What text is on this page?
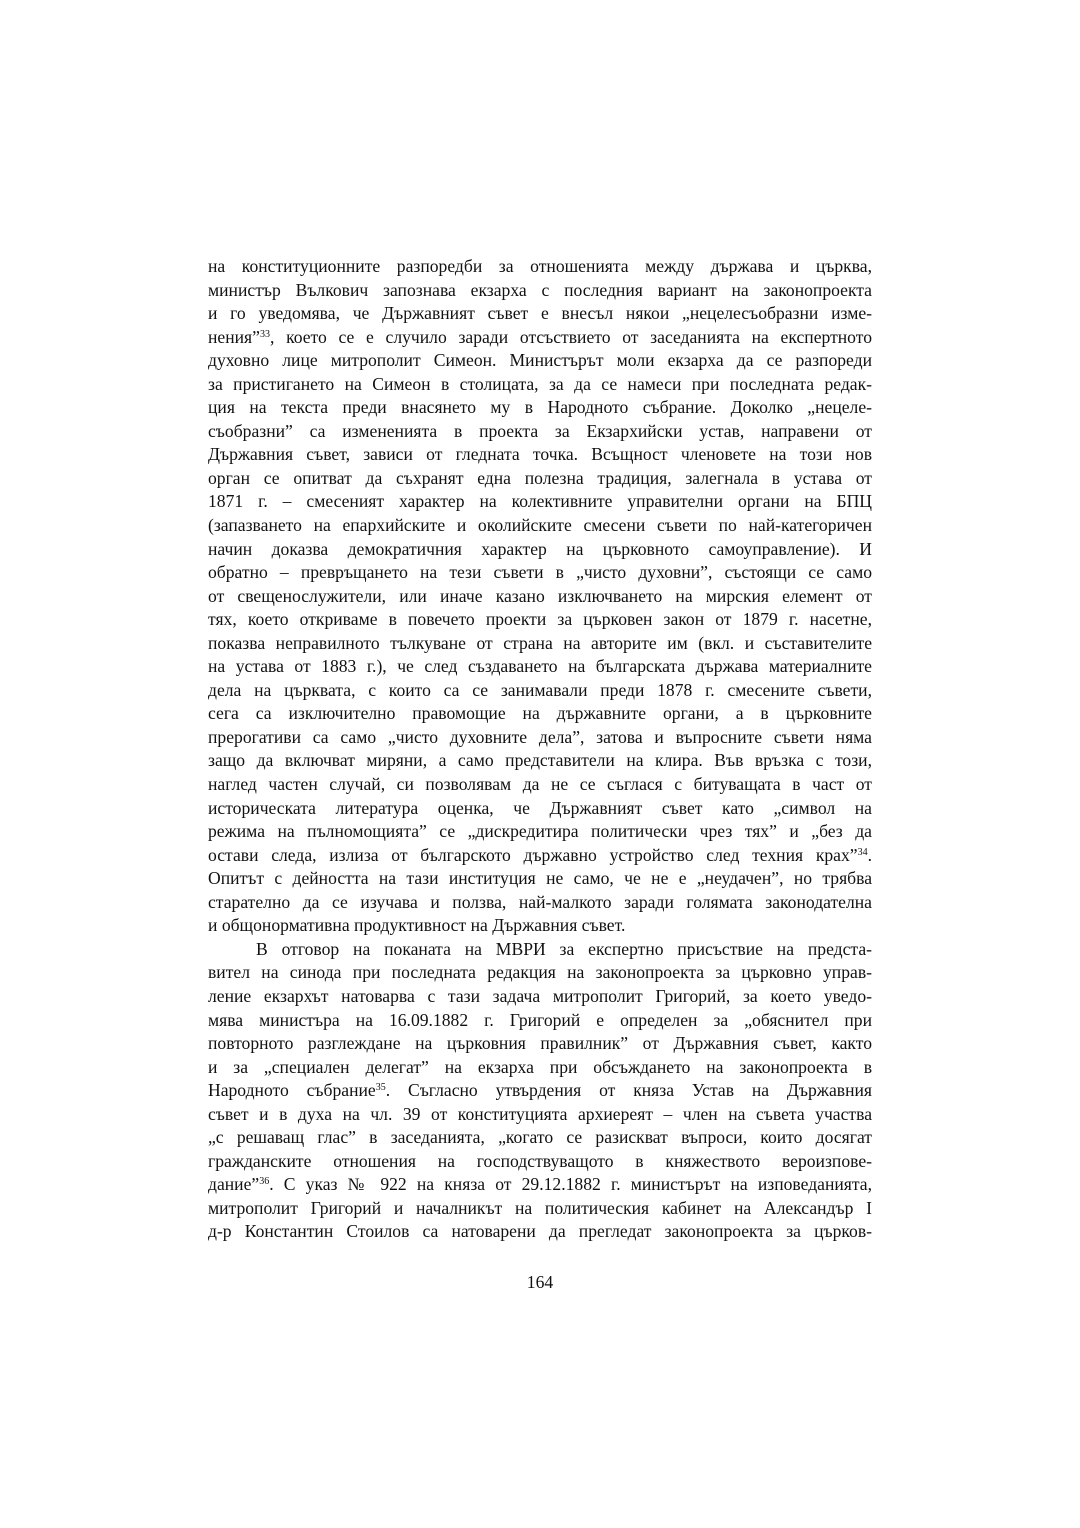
на конституционните разпоредби за отношенията между държава и църква,
министър Вълкович запознава екзарха с последния вариант на законопроекта
и го уведомява, че Държавният съвет е внесъл някои „нецелесъобразни изме-
нения”$^{33}$, което се е случило заради отсъствието от заседанията на експертното
духовно лице митрополит Симеон. Министърът моли екзарха да се разпореди
за пристигането на Симеон в столицата, за да се намеси при последната редак-
ция на текста преди внасянето му в Народното събрание. Доколко „нецеле-
съобразни” са измененията в проекта за Екзархийски устав, направени от
Държавния съвет, зависи от гледната точка. Всъщност членовете на този нов
орган се опитват да съхранят една полезна традиция, залегнала в устава от
1871 г. – смесеният характер на колективните управителни органи на БПЦ
(запазването на епархийските и околийските смесени съвети по най-категоричен
начин доказва демократичния характер на църковното самоуправление). И
обратно – превръщането на тези съвети в „чисто духовни”, състоящи се само
от свещенослужители, или иначе казано изключването на мирския елемент от
тях, което откриваме в повечето проекти за църковен закон от 1879 г. насетне,
показва неправилното тълкуване от страна на авторите им (вкл. и съставителите
на устава от 1883 г.), че след създаването на българската държава материалните
дела на църквата, с които са се занимавали преди 1878 г. смесените съвети,
сега са изключително правомощие на държавните органи, а в църковните
прерогативи са само „чисто духовните дела”, затова и въпросните съвети няма
защо да включват миряни, а само представители на клира. Във връзка с този,
наглед частен случай, си позволявам да не се съглася с битуващата в част от
историческата литература оценка, че Държавният съвет като „символ на
режима на пълномощията” се „дискредитира политически чрез тях” и „без да
остави следа, излиза от българското държавно устройство след техния крах”$^{34}$.
Опитът с дейността на тази институция не само, че не е „неудачен”, но трябва
старателно да се изучава и ползва, най-малкото заради голямата законодателна
и общонормативна продуктивност на Държавния съвет.
В отговор на поканата на МВРИ за експертно присъствие на предста-
вител на синода при последната редакция на законопроекта за църковно управ-
ление екзархът натоварва с тази задача митрополит Григорий, за което уведо-
мява министъра на 16.09.1882 г. Григорий е определен за „обяснител при
повторното разглеждане на църковния правилник” от Държавния съвет, както
и за „специален делегат” на екзарха при обсъждането на законопроекта в
Народното събрание$^{35}$. Съгласно утвърдения от княза Устав на Държавния
съвет и в духа на чл. 39 от конституцията архиереят – член на съвета участва
„с решаващ глас” в заседанията, „когато се разискват въпроси, които досягат
гражданските отношения на господствуващото в княжеството вероизпове-
дание”$^{36}$. С указ № 922 на княза от 29.12.1882 г. министърът на изповеданията,
митрополит Григорий и началникът на политическия кабинет на Александър I
д-р Константин Стоилов са натоварени да прегледат законопроекта за църков-
164
